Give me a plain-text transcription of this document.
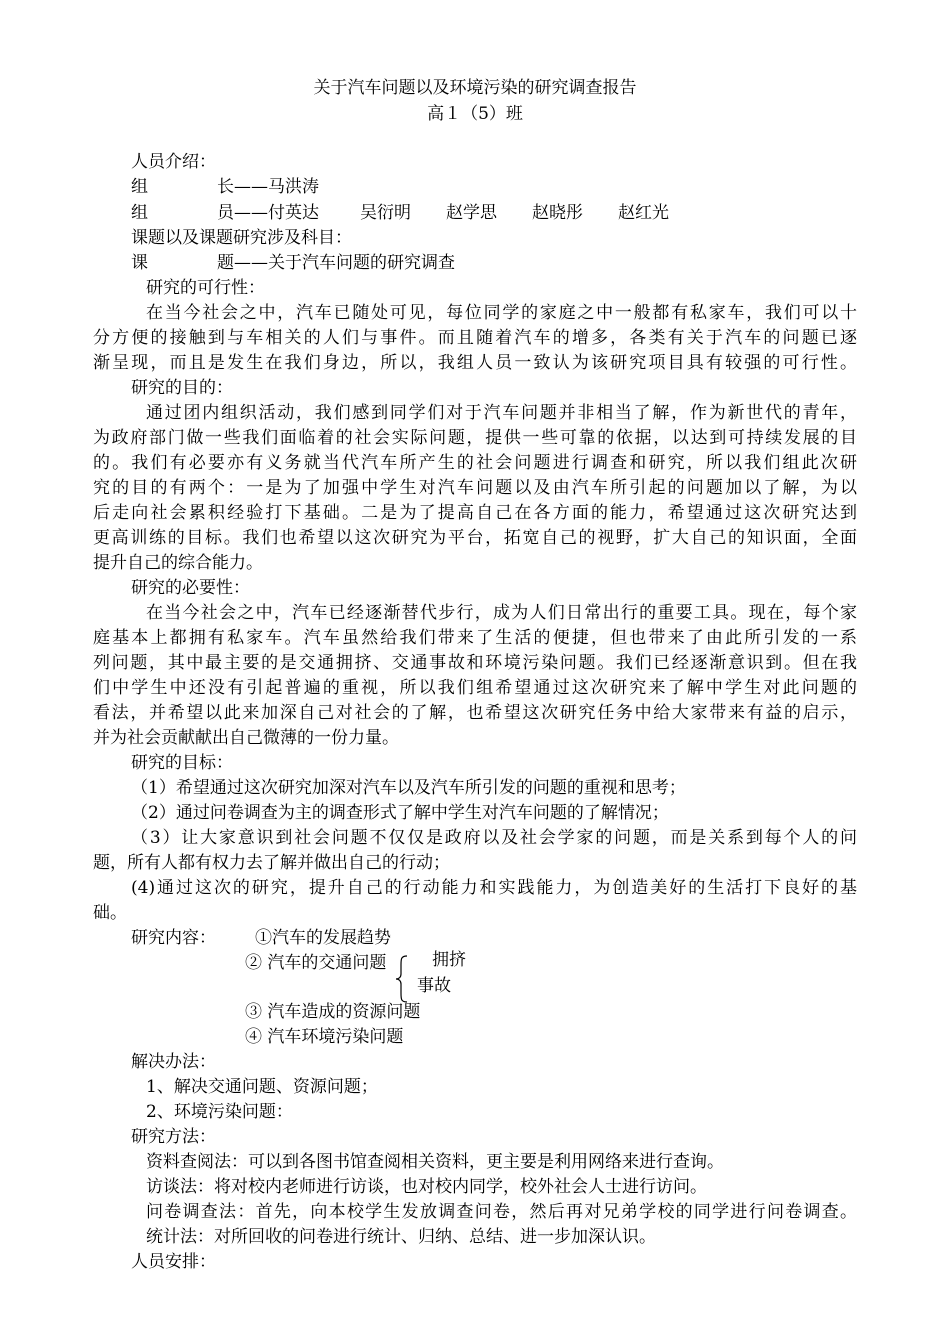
关于汽车问题以及环境污染的研究调查报告
高１（5）班
人员介绍：
组	长——马洪涛
组	员——付英达 吴衍明 赵学思 赵晓彤 赵红光
课题以及课题研究涉及科目：
课	题——关于汽车问题的研究调查
研究的可行性：
在当今社会之中，汽车已随处可见，每位同学的家庭之中一般都有私家车，我们可以十
分方便的接触到与车相关的人们与事件。而且随着汽车的增多，各类有关于汽车的问题已逐
渐呈现，而且是发生在我们身边，所以，我组人员一致认为该研究项目具有较强的可行性。
研究的目的：
通过团内组织活动，我们感到同学们对于汽车问题并非相当了解，作为新世代的青年，
为政府部门做一些我们面临着的社会实际问题，提供一些可靠的依据，以达到可持续发展的目
的。我们有必要亦有义务就当代汽车所产生的社会问题进行调查和研究，所以我们组此次研
究的目的有两个：一是为了加强中学生对汽车问题以及由汽车所引起的问题加以了解，为以
后走向社会累积经验打下基础。二是为了提高自己在各方面的能力，希望通过这次研究达到
更高训练的目标。我们也希望以这次研究为平台，拓宽自己的视野，扩大自己的知识面，全面
提升自己的综合能力。
研究的必要性：
在当今社会之中，汽车已经逐渐替代步行，成为人们日常出行的重要工具。现在，每个家
庭基本上都拥有私家车。汽车虽然给我们带来了生活的便捷，但也带来了由此所引发的一系
列问题，其中最主要的是交通拥挤、交通事故和环境污染问题。我们已经逐渐意识到。但在我
们中学生中还没有引起普遍的重视，所以我们组希望通过这次研究来了解中学生对此问题的
看法，并希望以此来加深自己对社会的了解，也希望这次研究任务中给大家带来有益的启示，
并为社会贡献献出自己微薄的一份力量。
研究的目标：
（1）希望通过这次研究加深对汽车以及汽车所引发的问题的重视和思考；
（2）通过问卷调查为主的调查形式了解中学生对汽车问题的了解情况；
（3）让大家意识到社会问题不仅仅是政府以及社会学家的问题，而是关系到每个人的问
题，所有人都有权力去了解并做出自己的行动；
(4)通过这次的研究，提升自己的行动能力和实践能力，为创造美好的生活打下良好的基
础。
研究内容： ①汽车的发展趋势
② 汽车的交通问题
③ 汽车造成的资源问题
④ 汽车环境污染问题
拥挤
事故
解决办法：
1、解决交通问题、资源问题；
2、环境污染问题：
研究方法：
资料查阅法：可以到各图书馆查阅相关资料，更主要是利用网络来进行查询。
访谈法：将对校内老师进行访谈，也对校内同学，校外社会人士进行访问。
问卷调查法：首先，向本校学生发放调查问卷，然后再对兄弟学校的同学进行问卷调查。
统计法：对所回收的问卷进行统计、归纳、总结、进一步加深认识。
人员安排：
